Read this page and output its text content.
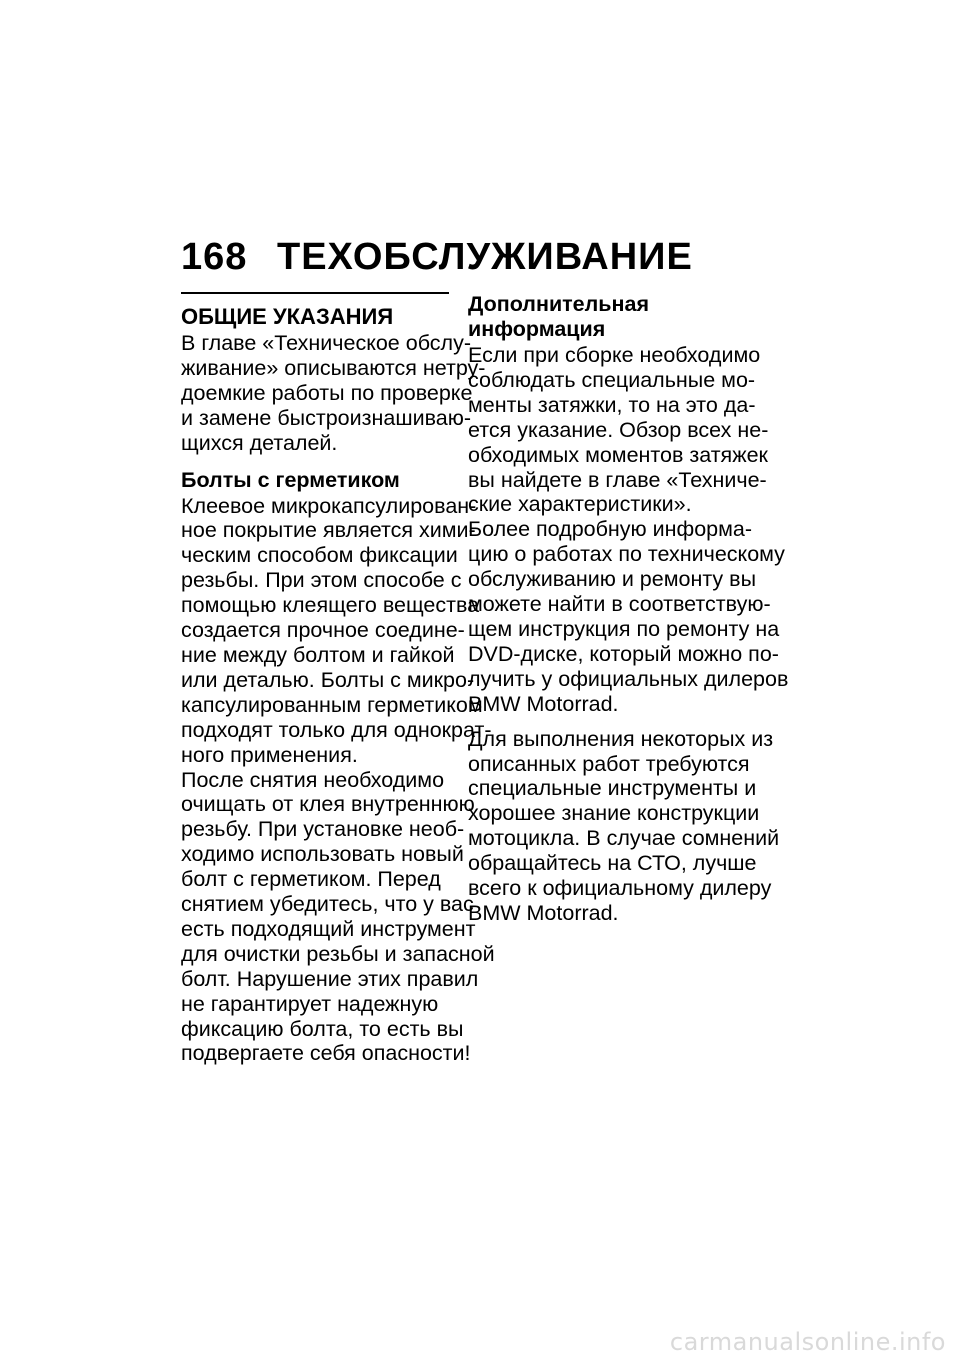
168 ТЕХОБСЛУЖИВАНИЕ
ОБЩИЕ УКАЗАНИЯ
В главе «Техническое обслу-
живание» описываются нетру-
доемкие работы по проверке
и замене быстроизнашиваю-
щихся деталей.
Болты с герметиком
Клеевое микрокапсулирован-
ное покрытие является хими-
ческим способом фиксации
резьбы. При этом способе с
помощью клеящего вещества
создается прочное соедине-
ние между болтом и гайкой
или деталью. Болты с микро-
капсулированным герметиком
подходят только для однократ-
ного применения.
После снятия необходимо
очищать от клея внутреннюю
резьбу. При установке необ-
ходимо использовать новый
болт с герметиком. Перед
снятием убедитесь, что у вас
есть подходящий инструмент
для очистки резьбы и запасной
болт. Нарушение этих правил
не гарантирует надежную
фиксацию болта, то есть вы
подвергаете себя опасности!
Дополнительная
информация
Если при сборке необходимо
соблюдать специальные мо-
менты затяжки, то на это да-
ется указание. Обзор всех не-
обходимых моментов затяжек
вы найдете в главе «Техниче-
ские характеристики».
Более подробную информа-
цию о работах по техническому
обслуживанию и ремонту вы
можете найти в соответствую-
щем инструкция по ремонту на
DVD-диске, который можно по-
лучить у официальных дилеров
BMW Motorrad.
Для выполнения некоторых из
описанных работ требуются
специальные инструменты и
хорошее знание конструкции
мотоцикла. В случае сомнений
обращайтесь на СТО, лучше
всего к официальному дилеру
BMW Motorrad.
carmanualsonline.info
